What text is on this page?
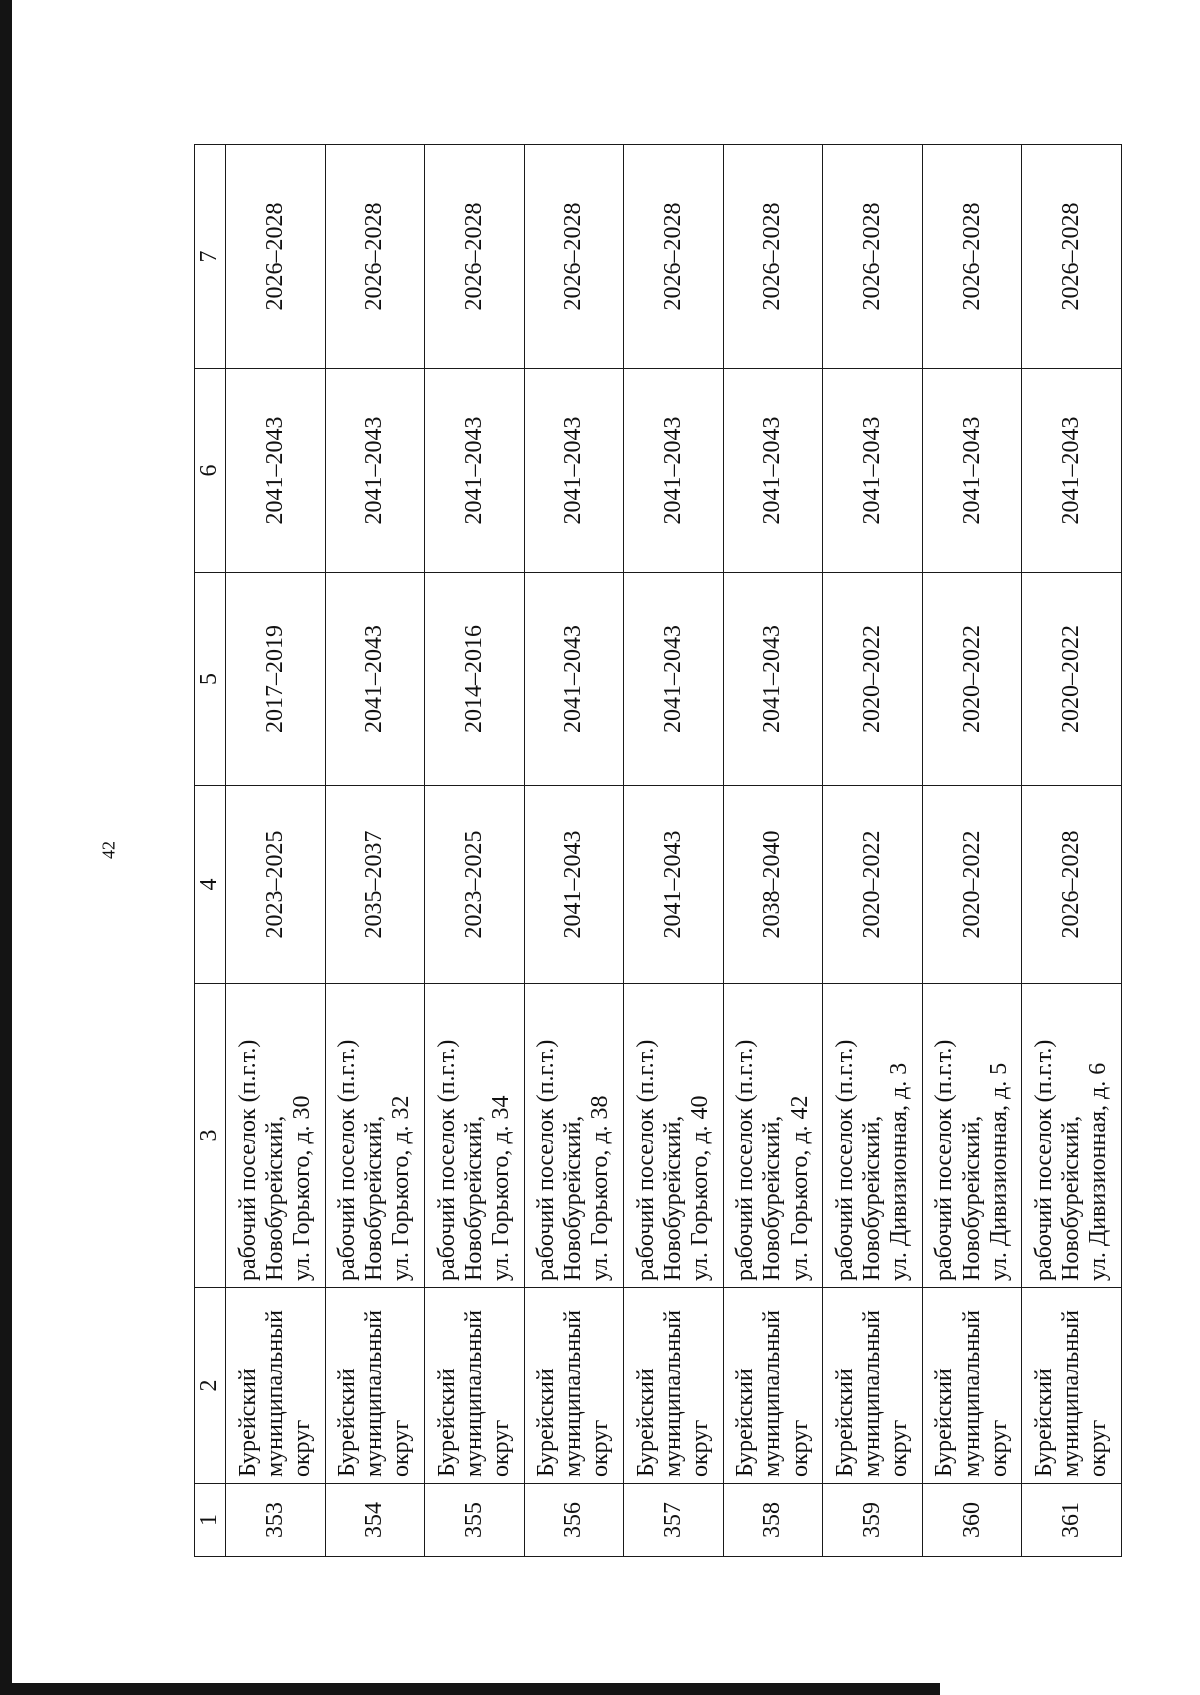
42
1	2	3	4	5	6	7
353	Бурейский муниципальный округ	рабочий поселок (п.г.т.) Новобурейский, ул. Горького, д. 30	2023–2025	2017–2019	2041–2043	2026–2028
354	Бурейский муниципальный округ	рабочий поселок (п.г.т.) Новобурейский, ул. Горького, д. 32	2035–2037	2041–2043	2041–2043	2026–2028
355	Бурейский муниципальный округ	рабочий поселок (п.г.т.) Новобурейский, ул. Горького, д. 34	2023–2025	2014–2016	2041–2043	2026–2028
356	Бурейский муниципальный округ	рабочий поселок (п.г.т.) Новобурейский, ул. Горького, д. 38	2041–2043	2041–2043	2041–2043	2026–2028
357	Бурейский муниципальный округ	рабочий поселок (п.г.т.) Новобурейский, ул. Горького, д. 40	2041–2043	2041–2043	2041–2043	2026–2028
358	Бурейский муниципальный округ	рабочий поселок (п.г.т.) Новобурейский, ул. Горького, д. 42	2038–2040	2041–2043	2041–2043	2026–2028
359	Бурейский муниципальный округ	рабочий поселок (п.г.т.) Новобурейский, ул. Дивизионная, д. 3	2020–2022	2020–2022	2041–2043	2026–2028
360	Бурейский муниципальный округ	рабочий поселок (п.г.т.) Новобурейский, ул. Дивизионная, д. 5	2020–2022	2020–2022	2041–2043	2026–2028
361	Бурейский муниципальный округ	рабочий поселок (п.г.т.) Новобурейский, ул. Дивизионная, д. 6	2026–2028	2020–2022	2041–2043	2026–2028
